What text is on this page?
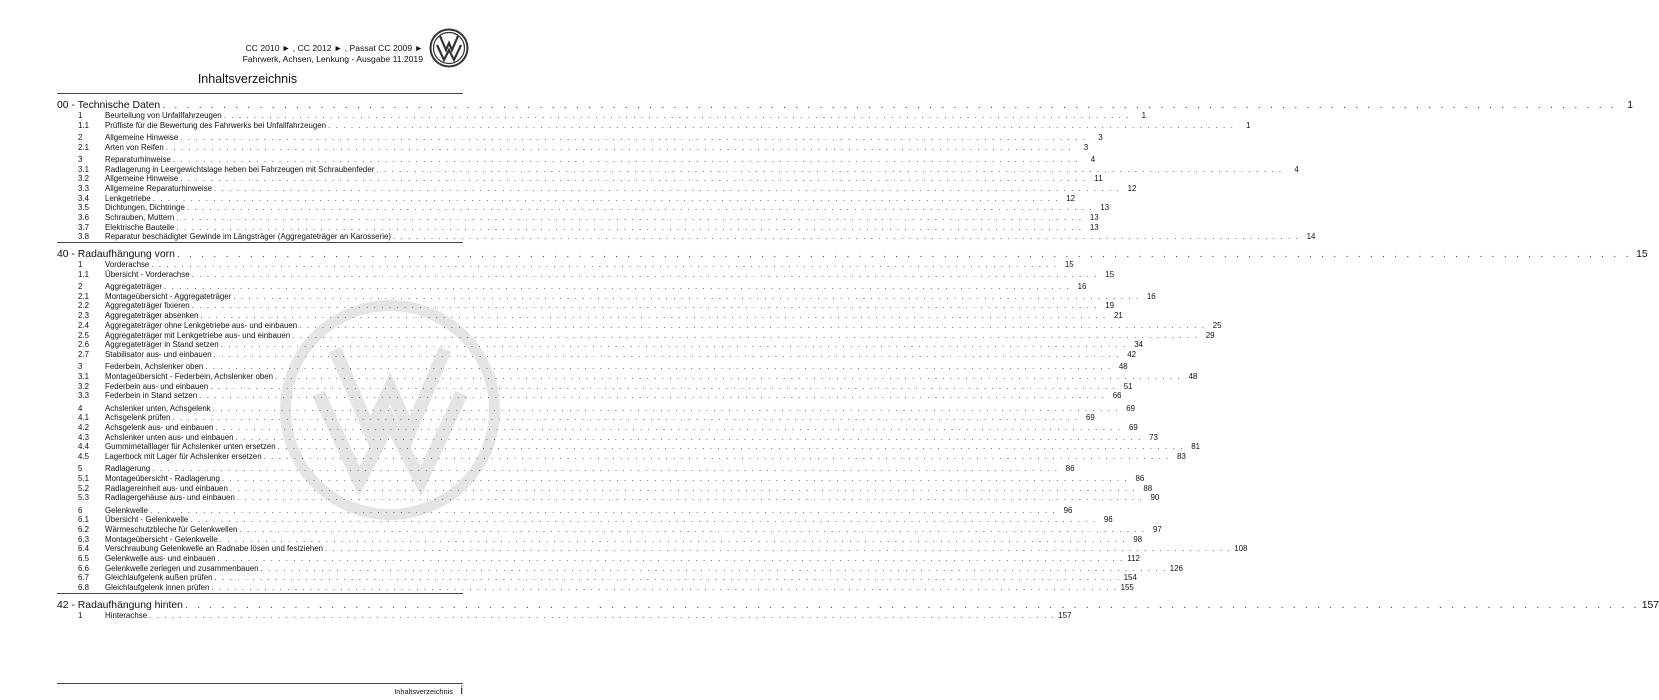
CC 2010 ► , CC 2012 ► , Passat CC 2009 ►
Fahrwerk, Achsen, Lenkung - Ausgabe 11.2019
Inhaltsverzeichnis
00 - Technische Daten . . . . . . . . . . . . . . . . . . . . . . . . . . . . . . . . . . . . . . . . . . . . . . . . . . . . . . . . . . . . . . . . . . . . . . . . . . . . . . . . . . . . . . . . . . . . . . . . . . . . . . . . . . . . . . . . . . . . . . . . 1
1	Beurteilung von Unfallfahrzeugen . . . . . . . . . . . . . . . . . . . . . . . . . . . . . . . . . . . . . . . . . . . . . . . . . . . . . . . . . . . . . . . . . . . . . . . . . . . . . . . . . . . . . . . . . . . . . . . . . . . . . . . . . . . . . . . . . . . . . . . .	1
1.1	Prüfliste für die Bewertung des Fahrwerks bei Unfallfahrzeugen . . . . . . . . . . . . . . . . . . . . . . . . . . . . . . . . . . . . . . . . . . . . . . . . . . . . . . . . . . . . . . . . . . . . . . . . . . . . . . . . . . . . . . . . . . . . . . . . . . . . . . . . . . . . . . . . . . . . . . . .	1
2	Allgemeine Hinweise . . . . . . . . . . . . . . . . . . . . . . . . . . . . . . . . . . . . . . . . . . . . . . . . . . . . . . . . . . . . . . . . . . . . . . . . . . . . . . . . . . . . . . . . . . . . . . . . . . . . . . . . . . . . . . . . . . . . . . . .	3
2.1	Arten von Reifen . . . . . . . . . . . . . . . . . . . . . . . . . . . . . . . . . . . . . . . . . . . . . . . . . . . . . . . . . . . . . . . . . . . . . . . . . . . . . . . . . . . . . . . . . . . . . . . . . . . . . . . . . . . . . . . . . . . . . . . .	3
3	Reparaturhinweise . . . . . . . . . . . . . . . . . . . . . . . . . . . . . . . . . . . . . . . . . . . . . . . . . . . . . . . . . . . . . . . . . . . . . . . . . . . . . . . . . . . . . . . . . . . . . . . . . . . . . . . . . . . . . . . . . . . . . . . .	4
3.1	Radlagerung in Leergewichtslage heben bei Fahrzeugen mit Schraubenfeder . . . . . . . . . . . . . . . . . . . . . . . . . . . . . . . . . . . . . . . . . . . . . . . . . . . . . . . . . . . . . . . . . . . . . . . . . . . . . . . . . . . . . . . . . . . . . . . . . . . . . . . . . . . . . . . . . . . . . . . .	4
3.2	Allgemeine Hinweise . . . . . . . . . . . . . . . . . . . . . . . . . . . . . . . . . . . . . . . . . . . . . . . . . . . . . . . . . . . . . . . . . . . . . . . . . . . . . . . . . . . . . . . . . . . . . . . . . . . . . . . . . . . . . . . . . . . . . . . . 11
3.3	Allgemeine Reparaturhinweise . . . . . . . . . . . . . . . . . . . . . . . . . . . . . . . . . . . . . . . . . . . . . . . . . . . . . . . . . . . . . . . . . . . . . . . . . . . . . . . . . . . . . . . . . . . . . . . . . . . . . . . . . . . . . . . . . . . . . . . . 12
3.4	Lenkgetriebe . . . . . . . . . . . . . . . . . . . . . . . . . . . . . . . . . . . . . . . . . . . . . . . . . . . . . . . . . . . . . . . . . . . . . . . . . . . . . . . . . . . . . . . . . . . . . . . . . . . . . . . . . . . . . . . . . . . . . . . . 12
3.5	Dichtungen, Dichtringe . . . . . . . . . . . . . . . . . . . . . . . . . . . . . . . . . . . . . . . . . . . . . . . . . . . . . . . . . . . . . . . . . . . . . . . . . . . . . . . . . . . . . . . . . . . . . . . . . . . . . . . . . . . . . . . . . . . . . . . . 13
3.6	Schrauben, Muttern . . . . . . . . . . . . . . . . . . . . . . . . . . . . . . . . . . . . . . . . . . . . . . . . . . . . . . . . . . . . . . . . . . . . . . . . . . . . . . . . . . . . . . . . . . . . . . . . . . . . . . . . . . . . . . . . . . . . . . . . 13
3.7	Elektrische Bauteile . . . . . . . . . . . . . . . . . . . . . . . . . . . . . . . . . . . . . . . . . . . . . . . . . . . . . . . . . . . . . . . . . . . . . . . . . . . . . . . . . . . . . . . . . . . . . . . . . . . . . . . . . . . . . . . . . . . . . . . . 13
3.8	Reparatur beschädigter Gewinde im Längsträger (Aggregateträger an Karosserie) . . . . . . . . . . . . . . . . . . . . . . . . . . . . . . . . . . . . . . . . . . . . . . . . . . . . . . . . . . . . . . . . . . . . . . . . . . . . . . . . . . . . . . . . . . . . . . . . . . . . . . . . . . . . . . . . . . . . . . . . 14
40 - Radaufhängung vorn . . . . . . . . . . . . . . . . . . . . . . . . . . . . . . . . . . . . . . . . . . . . . . . . . . . . . . . . . . . . . . . . . . . . . . . . . . . . . . . . . . . . . . . . . . . . . . . . . . . . . . . . . . . . . . . . . . . . . . . . 15
1	Vorderachse . . . . . . . . . . . . . . . . . . . . . . . . . . . . . . . . . . . . . . . . . . . . . . . . . . . . . . . . . . . . . . . . . . . . . . . . . . . . . . . . . . . . . . . . . . . . . . . . . . . . . . . . . . . . . . . . . . . . . . . . 15
1.1	Übersicht - Vorderachse . . . . . . . . . . . . . . . . . . . . . . . . . . . . . . . . . . . . . . . . . . . . . . . . . . . . . . . . . . . . . . . . . . . . . . . . . . . . . . . . . . . . . . . . . . . . . . . . . . . . . . . . . . . . . . . . . . . . . . . . 15
2	Aggregateträger . . . . . . . . . . . . . . . . . . . . . . . . . . . . . . . . . . . . . . . . . . . . . . . . . . . . . . . . . . . . . . . . . . . . . . . . . . . . . . . . . . . . . . . . . . . . . . . . . . . . . . . . . . . . . . . . . . . . . . . . 16
2.1	Montageübersicht - Aggregateträger . . . . . . . . . . . . . . . . . . . . . . . . . . . . . . . . . . . . . . . . . . . . . . . . . . . . . . . . . . . . . . . . . . . . . . . . . . . . . . . . . . . . . . . . . . . . . . . . . . . . . . . . . . . . . . . . . . . . . . . . 16
2.2	Aggregateträger fixieren . . . . . . . . . . . . . . . . . . . . . . . . . . . . . . . . . . . . . . . . . . . . . . . . . . . . . . . . . . . . . . . . . . . . . . . . . . . . . . . . . . . . . . . . . . . . . . . . . . . . . . . . . . . . . . . . . . . . . . . . 19
2.3	Aggregateträger absenken . . . . . . . . . . . . . . . . . . . . . . . . . . . . . . . . . . . . . . . . . . . . . . . . . . . . . . . . . . . . . . . . . . . . . . . . . . . . . . . . . . . . . . . . . . . . . . . . . . . . . . . . . . . . . . . . . . . . . . . . 21
2.4	Aggregateträger ohne Lenkgetriebe aus- und einbauen . . . . . . . . . . . . . . . . . . . . . . . . . . . . . . . . . . . . . . . . . . . . . . . . . . . . . . . . . . . . . . . . . . . . . . . . . . . . . . . . . . . . . . . . . . . . . . . . . . . . . . . . . . . . . . . . . . . . . . . . 25
2.5	Aggregateträger mit Lenkgetriebe aus- und einbauen . . . . . . . . . . . . . . . . . . . . . . . . . . . . . . . . . . . . . . . . . . . . . . . . . . . . . . . . . . . . . . . . . . . . . . . . . . . . . . . . . . . . . . . . . . . . . . . . . . . . . . . . . . . . . . . . . . . . . . . . 29
2.6	Aggregateträger in Stand setzen . . . . . . . . . . . . . . . . . . . . . . . . . . . . . . . . . . . . . . . . . . . . . . . . . . . . . . . . . . . . . . . . . . . . . . . . . . . . . . . . . . . . . . . . . . . . . . . . . . . . . . . . . . . . . . . . . . . . . . . . 34
2.7	Stabilisator aus- und einbauen . . . . . . . . . . . . . . . . . . . . . . . . . . . . . . . . . . . . . . . . . . . . . . . . . . . . . . . . . . . . . . . . . . . . . . . . . . . . . . . . . . . . . . . . . . . . . . . . . . . . . . . . . . . . . . . . . . . . . . . . 42
3	Federbein, Achslenker oben . . . . . . . . . . . . . . . . . . . . . . . . . . . . . . . . . . . . . . . . . . . . . . . . . . . . . . . . . . . . . . . . . . . . . . . . . . . . . . . . . . . . . . . . . . . . . . . . . . . . . . . . . . . . . . . . . . . . . . . . 48
3.1	Montageübersicht - Federbein, Achslenker oben . . . . . . . . . . . . . . . . . . . . . . . . . . . . . . . . . . . . . . . . . . . . . . . . . . . . . . . . . . . . . . . . . . . . . . . . . . . . . . . . . . . . . . . . . . . . . . . . . . . . . . . . . . . . . . . . . . . . . . . . 48
3.2	Federbein aus- und einbauen . . . . . . . . . . . . . . . . . . . . . . . . . . . . . . . . . . . . . . . . . . . . . . . . . . . . . . . . . . . . . . . . . . . . . . . . . . . . . . . . . . . . . . . . . . . . . . . . . . . . . . . . . . . . . . . . . . . . . . . . 51
3.3	Federbein in Stand setzen . . . . . . . . . . . . . . . . . . . . . . . . . . . . . . . . . . . . . . . . . . . . . . . . . . . . . . . . . . . . . . . . . . . . . . . . . . . . . . . . . . . . . . . . . . . . . . . . . . . . . . . . . . . . . . . . . . . . . . . . 66
4	Achslenker unten, Achsgelenk . . . . . . . . . . . . . . . . . . . . . . . . . . . . . . . . . . . . . . . . . . . . . . . . . . . . . . . . . . . . . . . . . . . . . . . . . . . . . . . . . . . . . . . . . . . . . . . . . . . . . . . . . . . . . . . . . . . . . . . . 69
4.1	Achsgelenk prüfen . . . . . . . . . . . . . . . . . . . . . . . . . . . . . . . . . . . . . . . . . . . . . . . . . . . . . . . . . . . . . . . . . . . . . . . . . . . . . . . . . . . . . . . . . . . . . . . . . . . . . . . . . . . . . . . . . . . . . . . . 69
4.2	Achsgelenk aus- und einbauen . . . . . . . . . . . . . . . . . . . . . . . . . . . . . . . . . . . . . . . . . . . . . . . . . . . . . . . . . . . . . . . . . . . . . . . . . . . . . . . . . . . . . . . . . . . . . . . . . . . . . . . . . . . . . . . . . . . . . . . . 69
4.3	Achslenker unten aus- und einbauen . . . . . . . . . . . . . . . . . . . . . . . . . . . . . . . . . . . . . . . . . . . . . . . . . . . . . . . . . . . . . . . . . . . . . . . . . . . . . . . . . . . . . . . . . . . . . . . . . . . . . . . . . . . . . . . . . . . . . . . . 73
4.4	Gummimetalllager für Achslenker unten ersetzen . . . . . . . . . . . . . . . . . . . . . . . . . . . . . . . . . . . . . . . . . . . . . . . . . . . . . . . . . . . . . . . . . . . . . . . . . . . . . . . . . . . . . . . . . . . . . . . . . . . . . . . . . . . . . . . . . . . . . . . . 81
4.5	Lagerbock mit Lager für Achslenker ersetzen . . . . . . . . . . . . . . . . . . . . . . . . . . . . . . . . . . . . . . . . . . . . . . . . . . . . . . . . . . . . . . . . . . . . . . . . . . . . . . . . . . . . . . . . . . . . . . . . . . . . . . . . . . . . . . . . . . . . . . . . 83
5	Radlagerung . . . . . . . . . . . . . . . . . . . . . . . . . . . . . . . . . . . . . . . . . . . . . . . . . . . . . . . . . . . . . . . . . . . . . . . . . . . . . . . . . . . . . . . . . . . . . . . . . . . . . . . . . . . . . . . . . . . . . . . . 86
5.1	Montageübersicht - Radlagerung . . . . . . . . . . . . . . . . . . . . . . . . . . . . . . . . . . . . . . . . . . . . . . . . . . . . . . . . . . . . . . . . . . . . . . . . . . . . . . . . . . . . . . . . . . . . . . . . . . . . . . . . . . . . . . . . . . . . . . . . 86
5.2	Radlagereinheit aus- und einbauen . . . . . . . . . . . . . . . . . . . . . . . . . . . . . . . . . . . . . . . . . . . . . . . . . . . . . . . . . . . . . . . . . . . . . . . . . . . . . . . . . . . . . . . . . . . . . . . . . . . . . . . . . . . . . . . . . . . . . . . . 88
5.3	Radlagergehäuse aus- und einbauen . . . . . . . . . . . . . . . . . . . . . . . . . . . . . . . . . . . . . . . . . . . . . . . . . . . . . . . . . . . . . . . . . . . . . . . . . . . . . . . . . . . . . . . . . . . . . . . . . . . . . . . . . . . . . . . . . . . . . . . . 90
6	Gelenkwelle . . . . . . . . . . . . . . . . . . . . . . . . . . . . . . . . . . . . . . . . . . . . . . . . . . . . . . . . . . . . . . . . . . . . . . . . . . . . . . . . . . . . . . . . . . . . . . . . . . . . . . . . . . . . . . . . . . . . . . . . 96
6.1	Übersicht - Gelenkwelle . . . . . . . . . . . . . . . . . . . . . . . . . . . . . . . . . . . . . . . . . . . . . . . . . . . . . . . . . . . . . . . . . . . . . . . . . . . . . . . . . . . . . . . . . . . . . . . . . . . . . . . . . . . . . . . . . . . . . . . . 96
6.2	Wärmeschutzbleche für Gelenkwellen . . . . . . . . . . . . . . . . . . . . . . . . . . . . . . . . . . . . . . . . . . . . . . . . . . . . . . . . . . . . . . . . . . . . . . . . . . . . . . . . . . . . . . . . . . . . . . . . . . . . . . . . . . . . . . . . . . . . . . . . 97
6.3	Montageübersicht - Gelenkwelle . . . . . . . . . . . . . . . . . . . . . . . . . . . . . . . . . . . . . . . . . . . . . . . . . . . . . . . . . . . . . . . . . . . . . . . . . . . . . . . . . . . . . . . . . . . . . . . . . . . . . . . . . . . . . . . . . . . . . . . . 98
6.4	Verschraubung Gelenkwelle an Radnabe lösen und festziehen . . . . . . . . . . . . . . . . . . . . . . . . . . . . . . . . . . . . . . . . . . . . . . . . . . . . . . . . . . . . . . . . . . . . . . . . . . . . . . . . . . . . . . . . . . . . . . . . . . . . . . . . . . . . . . . . . . . . . . . . 108
6.5	Gelenkwelle aus- und einbauen . . . . . . . . . . . . . . . . . . . . . . . . . . . . . . . . . . . . . . . . . . . . . . . . . . . . . . . . . . . . . . . . . . . . . . . . . . . . . . . . . . . . . . . . . . . . . . . . . . . . . . . . . . . . . . . . . . . . . . . . 112
6.6	Gelenkwelle zerlegen und zusammenbauen . . . . . . . . . . . . . . . . . . . . . . . . . . . . . . . . . . . . . . . . . . . . . . . . . . . . . . . . . . . . . . . . . . . . . . . . . . . . . . . . . . . . . . . . . . . . . . . . . . . . . . . . . . . . . . . . . . . . . . . . 126
6.7	Gleichlaufgelenk außen prüfen . . . . . . . . . . . . . . . . . . . . . . . . . . . . . . . . . . . . . . . . . . . . . . . . . . . . . . . . . . . . . . . . . . . . . . . . . . . . . . . . . . . . . . . . . . . . . . . . . . . . . . . . . . . . . . . . . . . . . . . . 154
6.8	Gleichlaufgelenk innen prüfen . . . . . . . . . . . . . . . . . . . . . . . . . . . . . . . . . . . . . . . . . . . . . . . . . . . . . . . . . . . . . . . . . . . . . . . . . . . . . . . . . . . . . . . . . . . . . . . . . . . . . . . . . . . . . . . . . . . . . . . . 155
42 - Radaufhängung hinten . . . . . . . . . . . . . . . . . . . . . . . . . . . . . . . . . . . . . . . . . . . . . . . . . . . . . . . . . . . . . . . . . . . . . . . . . . . . . . . . . . . . . . . . . . . . . . . . . . . . . . . . . . . . . . . . . . . . . . . . 157
1	Hinterachse . . . . . . . . . . . . . . . . . . . . . . . . . . . . . . . . . . . . . . . . . . . . . . . . . . . . . . . . . . . . . . . . . . . . . . . . . . . . . . . . . . . . . . . . . . . . . . . . . . . . . . . . . . . . . . . . . . . . . . . . 157
Inhaltsverzeichnis i
